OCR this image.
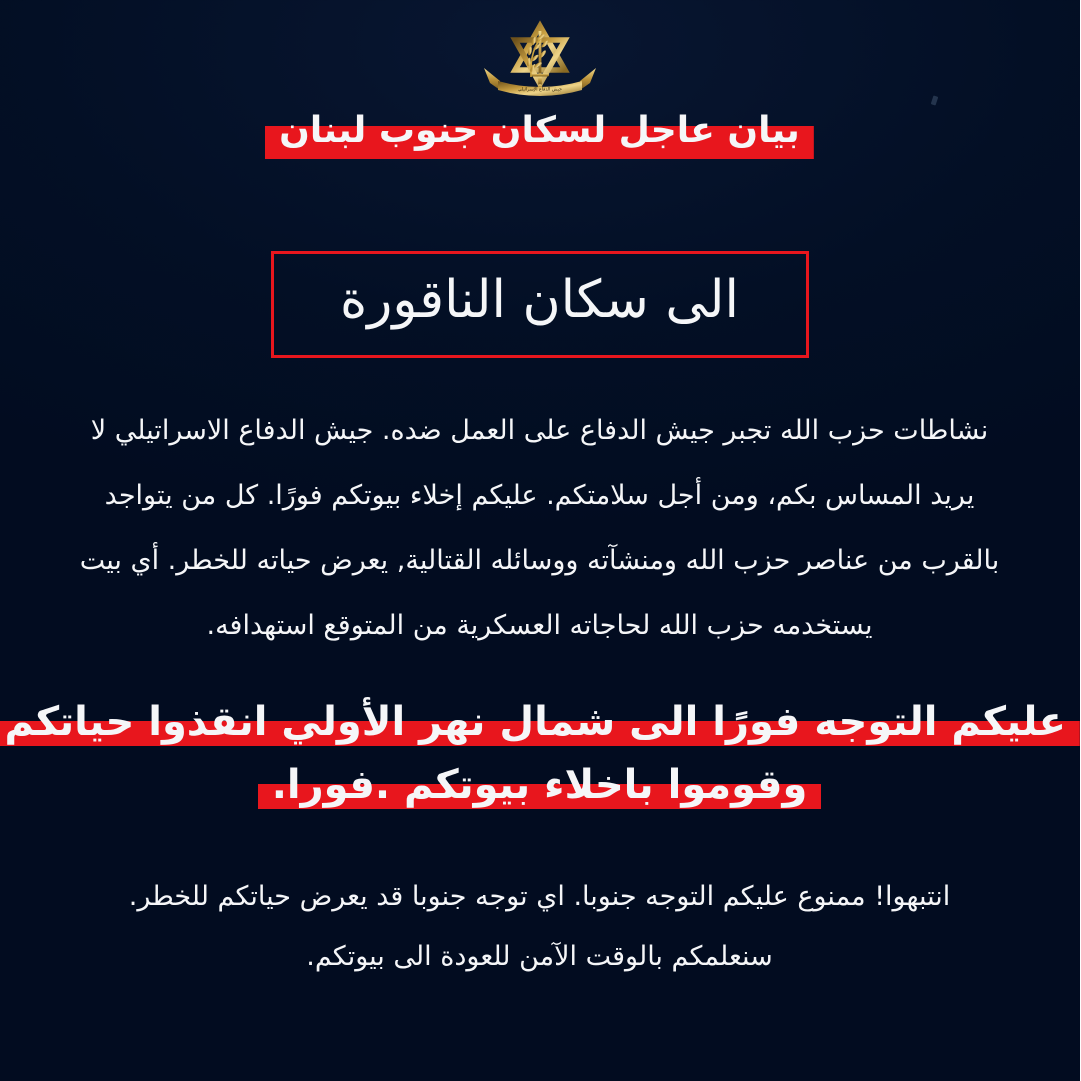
جيش الدفاع الإسرائيلي
بيان عاجل لسكان جنوب لبنان
الى سكان الناقورة
نشاطات حزب الله تجبر جيش الدفاع على العمل ضده. جيش الدفاع الاسراتيلي لا
يريد المساس بكم، ومن أجل سلامتكم. عليكم إخلاء بيوتكم فورًا. كل من يتواجد
بالقرب من عناصر حزب الله ومنشآته ووسائله القتالية, يعرض حياته للخطر. أي بيت
يستخدمه حزب الله لحاجاته العسكرية من المتوقع استهدافه.
عليكم التوجه فورًا الى شمال نهر الأولي انقذوا حياتكم
وقوموا باخلاء بيوتكم .فورا.
انتبهوا! ممنوع عليكم التوجه جنوبا. اي توجه جنوبا قد يعرض حياتكم للخطر.
سنعلمكم بالوقت الآمن للعودة الى بيوتكم.
